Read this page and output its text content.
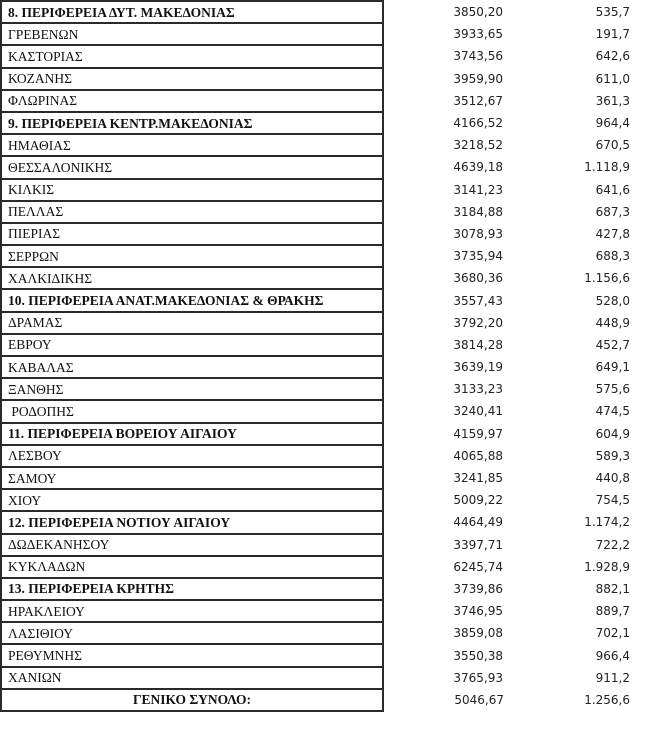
8. ΠΕΡΙΦΕΡΕΙΑ ΔΥΤ. ΜΑΚΕΔΟΝΙΑΣ	3850,20	535,7
ΓΡΕΒΕΝΩΝ	3933,65	191,7
ΚΑΣΤΟΡΙΑΣ	3743,56	642,6
ΚΟΖΑΝΗΣ	3959,90	611,0
ΦΛΩΡΙΝΑΣ	3512,67	361,3
9. ΠΕΡΙΦΕΡΕΙΑ ΚΕΝΤΡ.ΜΑΚΕΔΟΝΙΑΣ	4166,52	964,4
ΗΜΑΘΙΑΣ	3218,52	670,5
ΘΕΣΣΑΛΟΝΙΚΗΣ	4639,18	1.118,9
ΚΙΛΚΙΣ	3141,23	641,6
ΠΕΛΛΑΣ	3184,88	687,3
ΠΙΕΡΙΑΣ	3078,93	427,8
ΣΕΡΡΩΝ	3735,94	688,3
ΧΑΛΚΙΔΙΚΗΣ	3680,36	1.156,6
10. ΠΕΡΙΦΕΡΕΙΑ ΑΝΑΤ.ΜΑΚΕΔΟΝΙΑΣ & ΘΡΑΚΗΣ	3557,43	528,0
ΔΡΑΜΑΣ	3792,20	448,9
ΕΒΡΟΥ	3814,28	452,7
ΚΑΒΑΛΑΣ	3639,19	649,1
ΞΑΝΘΗΣ	3133,23	575,6
ΡΟΔΟΠΗΣ	3240,41	474,5
11. ΠΕΡΙΦΕΡΕΙΑ ΒΟΡΕΙΟΥ ΑΙΓΑΙΟΥ	4159,97	604,9
ΛΕΣΒΟΥ	4065,88	589,3
ΣΑΜΟΥ	3241,85	440,8
ΧΙΟΥ	5009,22	754,5
12. ΠΕΡΙΦΕΡΕΙΑ ΝΟΤΙΟΥ ΑΙΓΑΙΟΥ	4464,49	1.174,2
ΔΩΔΕΚΑΝΗΣΟΥ	3397,71	722,2
ΚΥΚΛΑΔΩΝ	6245,74	1.928,9
13. ΠΕΡΙΦΕΡΕΙΑ ΚΡΗΤΗΣ	3739,86	882,1
ΗΡΑΚΛΕΙΟΥ	3746,95	889,7
ΛΑΣΙΘΙΟΥ	3859,08	702,1
ΡΕΘΥΜΝΗΣ	3550,38	966,4
ΧΑΝΙΩΝ	3765,93	911,2
ΓΕΝΙΚΟ ΣΥΝΟΛΟ:	5046,67	1.256,6
